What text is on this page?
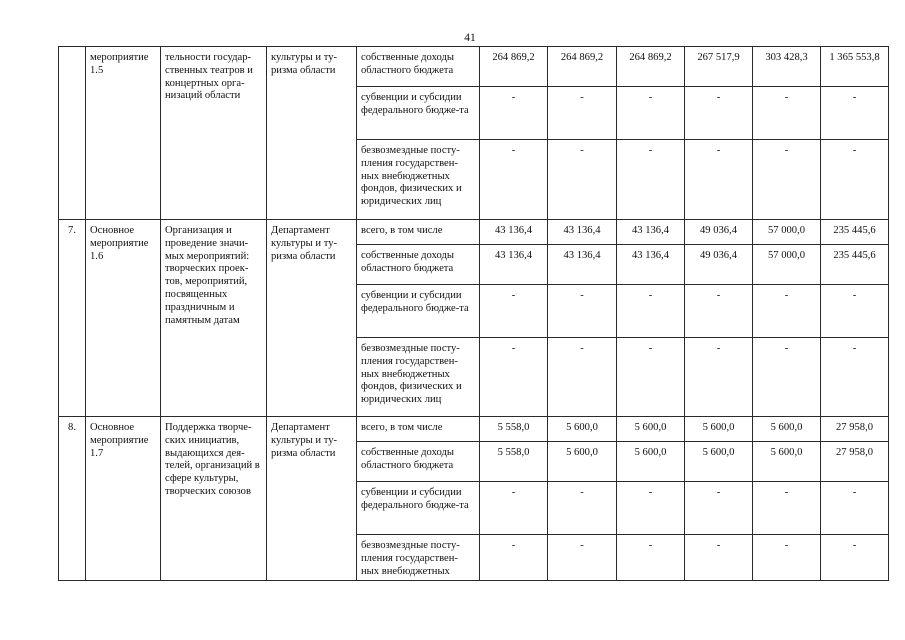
41
	мероприятие 1.5	тельности государ-ственных театров и концертных орга-низаций области	культуры и ту-ризма области	собственные доходы областного бюджета	264 869,2	264 869,2	264 869,2	267 517,9	303 428,3	1 365 553,8
				субвенции и субсидии федерального бюдже-та	-	-	-	-	-	-
				безвозмездные посту-пления государствен-ных внебюджетных фондов, физических и юридических лиц	-	-	-	-	-	-
7.	Основное мероприятие 1.6	Организация и проведение значи-мых мероприятий: творческих проек-тов, мероприятий, посвященных праздничным и памятным датам	Департамент культуры и ту-ризма области	всего, в том числе	43 136,4	43 136,4	43 136,4	49 036,4	57 000,0	235 445,6
				собственные доходы областного бюджета	43 136,4	43 136,4	43 136,4	49 036,4	57 000,0	235 445,6
				субвенции и субсидии федерального бюдже-та	-	-	-	-	-	-
				безвозмездные посту-пления государствен-ных внебюджетных фондов, физических и юридических лиц	-	-	-	-	-	-
8.	Основное мероприятие 1.7	Поддержка творче-ских инициатив, выдающихся дея-телей, организаций в сфере культуры, творческих союзов	Департамент культуры и ту-ризма области	всего, в том числе	5 558,0	5 600,0	5 600,0	5 600,0	5 600,0	27 958,0
				собственные доходы областного бюджета	5 558,0	5 600,0	5 600,0	5 600,0	5 600,0	27 958,0
				субвенции и субсидии федерального бюдже-та	-	-	-	-	-	-
				безвозмездные посту-пления государствен-ных внебюджетных	-	-	-	-	-	-
